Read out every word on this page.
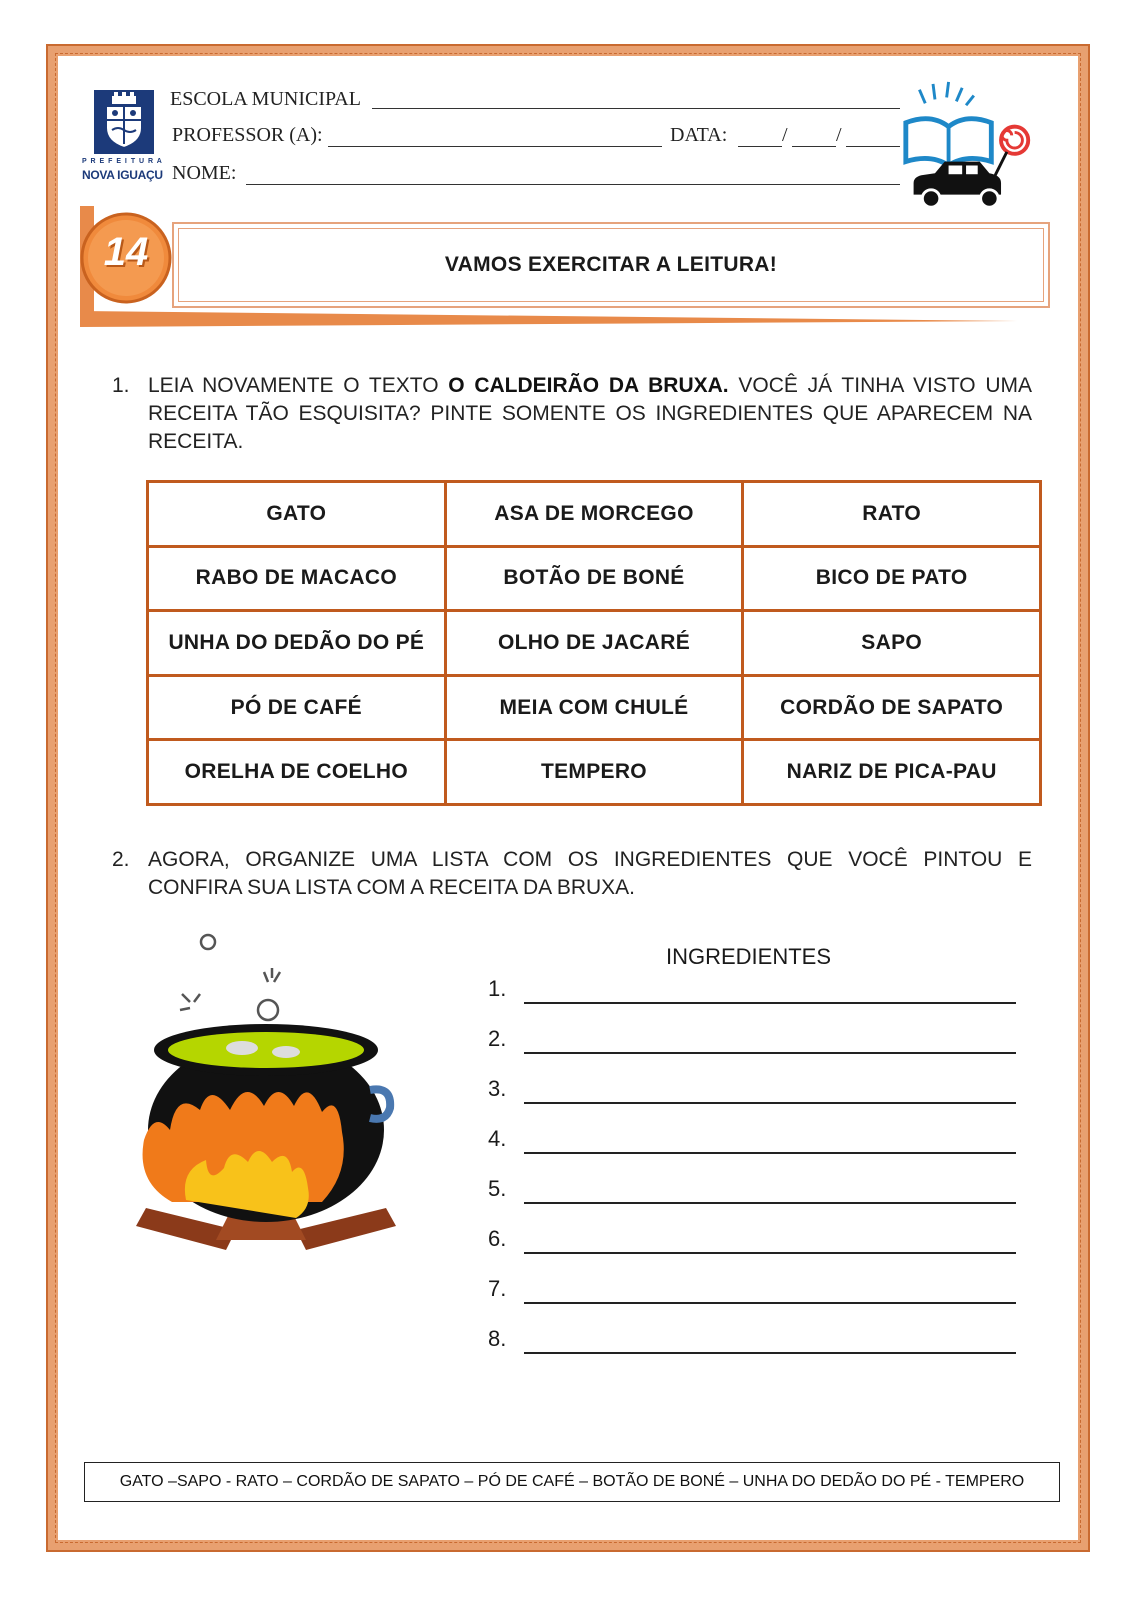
P R E F E I T U R A
NOVA IGUAÇU
ESCOLA MUNICIPAL
PROFESSOR (A):	DATA:	/ /
NOME:
14	VAMOS EXERCITAR A LEITURA!
1. LEIA NOVAMENTE O TEXTO O CALDEIRÃO DA BRUXA. VOCÊ JÁ TINHA VISTO UMA RECEITA TÃO ESQUISITA? PINTE SOMENTE OS INGREDIENTES QUE APARECEM NA RECEITA.
GATO	ASA DE MORCEGO	RATO
RABO DE MACACO	BOTÃO DE BONÉ	BICO DE PATO
UNHA DO DEDÃO DO PÉ	OLHO DE JACARÉ	SAPO
PÓ DE CAFÉ	MEIA COM CHULÉ	CORDÃO DE SAPATO
ORELHA DE COELHO	TEMPERO	NARIZ DE PICA-PAU
2. AGORA, ORGANIZE UMA LISTA COM OS INGREDIENTES QUE VOCÊ PINTOU E CONFIRA SUA LISTA COM A RECEITA DA BRUXA.
INGREDIENTES
1.
2.
3.
4.
5.
6.
7.
8.
GATO –SAPO - RATO – CORDÃO DE SAPATO – PÓ DE CAFÉ – BOTÃO DE BONÉ – UNHA DO DEDÃO DO PÉ - TEMPERO
